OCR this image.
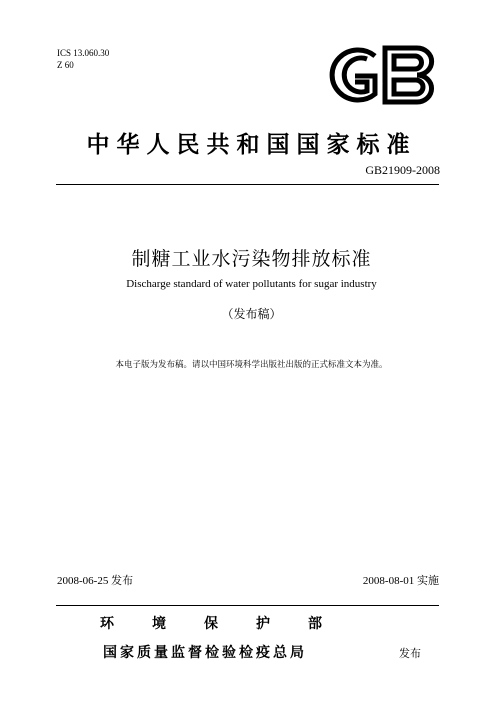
ICS 13.060.30
Z 60
GB
中华人民共和国国家标准
GB21909-2008
制糖工业水污染物排放标准
Discharge standard of water pollutants for sugar industry
（发布稿）
本电子版为发布稿。请以中国环境科学出版社出版的正式标准文本为准。
2008-06-25 发布	2008-08-01 实施
环境保护部
国家质量监督检验检疫总局	发布
